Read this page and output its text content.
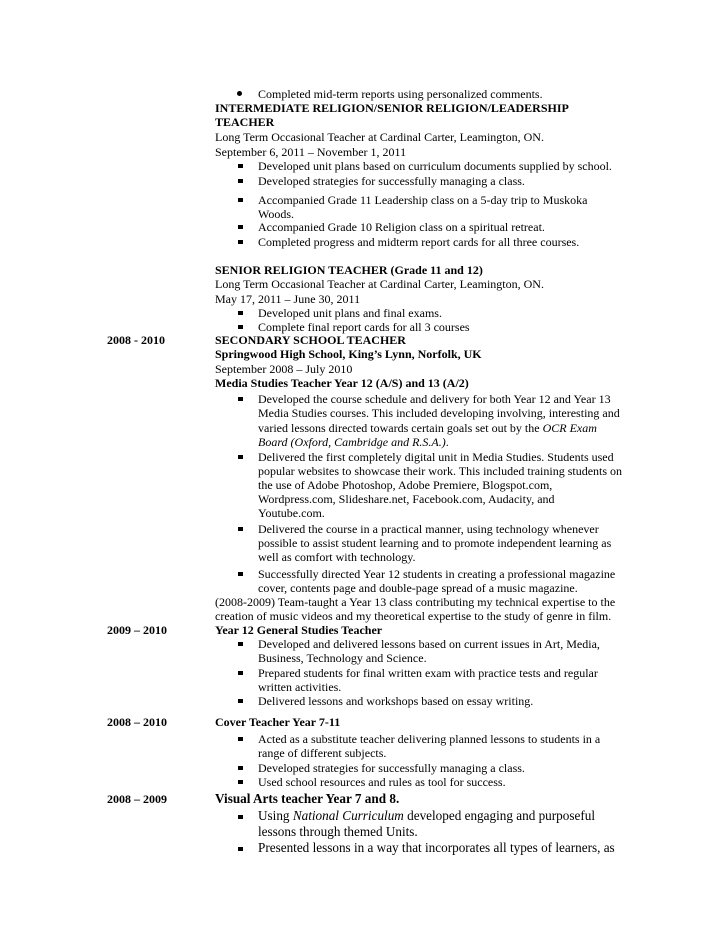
Completed mid-term reports using personalized comments.
INTERMEDIATE RELIGION/SENIOR RELIGION/LEADERSHIP
TEACHER
Long Term Occasional Teacher at Cardinal Carter, Leamington, ON.
September 6, 2011 – November 1, 2011
Developed unit plans based on curriculum documents supplied by school.
Developed strategies for successfully managing a class.
Accompanied Grade 11 Leadership class on a 5-day trip to Muskoka
Woods.
Accompanied Grade 10 Religion class on a spiritual retreat.
Completed progress and midterm report cards for all three courses.
SENIOR RELIGION TEACHER (Grade 11 and 12)
Long Term Occasional Teacher at Cardinal Carter, Leamington, ON.
May 17, 2011 – June 30, 2011
Developed unit plans and final exams.
Complete final report cards for all 3 courses
2008 - 2010	SECONDARY SCHOOL TEACHER
Springwood High School, King’s Lynn, Norfolk, UK
September 2008 – July 2010
Media Studies Teacher Year 12 (A/S) and 13 (A/2)
Developed the course schedule and delivery for both Year 12 and Year 13
Media Studies courses. This included developing involving, interesting and
varied lessons directed towards certain goals set out by the OCR Exam
Board (Oxford, Cambridge and R.S.A.).
Delivered the first completely digital unit in Media Studies. Students used
popular websites to showcase their work. This included training students on
the use of Adobe Photoshop, Adobe Premiere, Blogspot.com,
Wordpress.com, Slideshare.net, Facebook.com, Audacity, and
Youtube.com.
Delivered the course in a practical manner, using technology whenever
possible to assist student learning and to promote independent learning as
well as comfort with technology.
Successfully directed Year 12 students in creating a professional magazine
cover, contents page and double-page spread of a music magazine.
(2008-2009) Team-taught a Year 13 class contributing my technical expertise to the
creation of music videos and my theoretical expertise to the study of genre in film.
2009 – 2010	Year 12 General Studies Teacher
Developed and delivered lessons based on current issues in Art, Media,
Business, Technology and Science.
Prepared students for final written exam with practice tests and regular
written activities.
Delivered lessons and workshops based on essay writing.
2008 – 2010	Cover Teacher Year 7-11
Acted as a substitute teacher delivering planned lessons to students in a
range of different subjects.
Developed strategies for successfully managing a class.
Used school resources and rules as tool for success.
2008 – 2009	Visual Arts teacher Year 7 and 8.
Using National Curriculum developed engaging and purposeful
lessons through themed Units.
Presented lessons in a way that incorporates all types of learners, as
